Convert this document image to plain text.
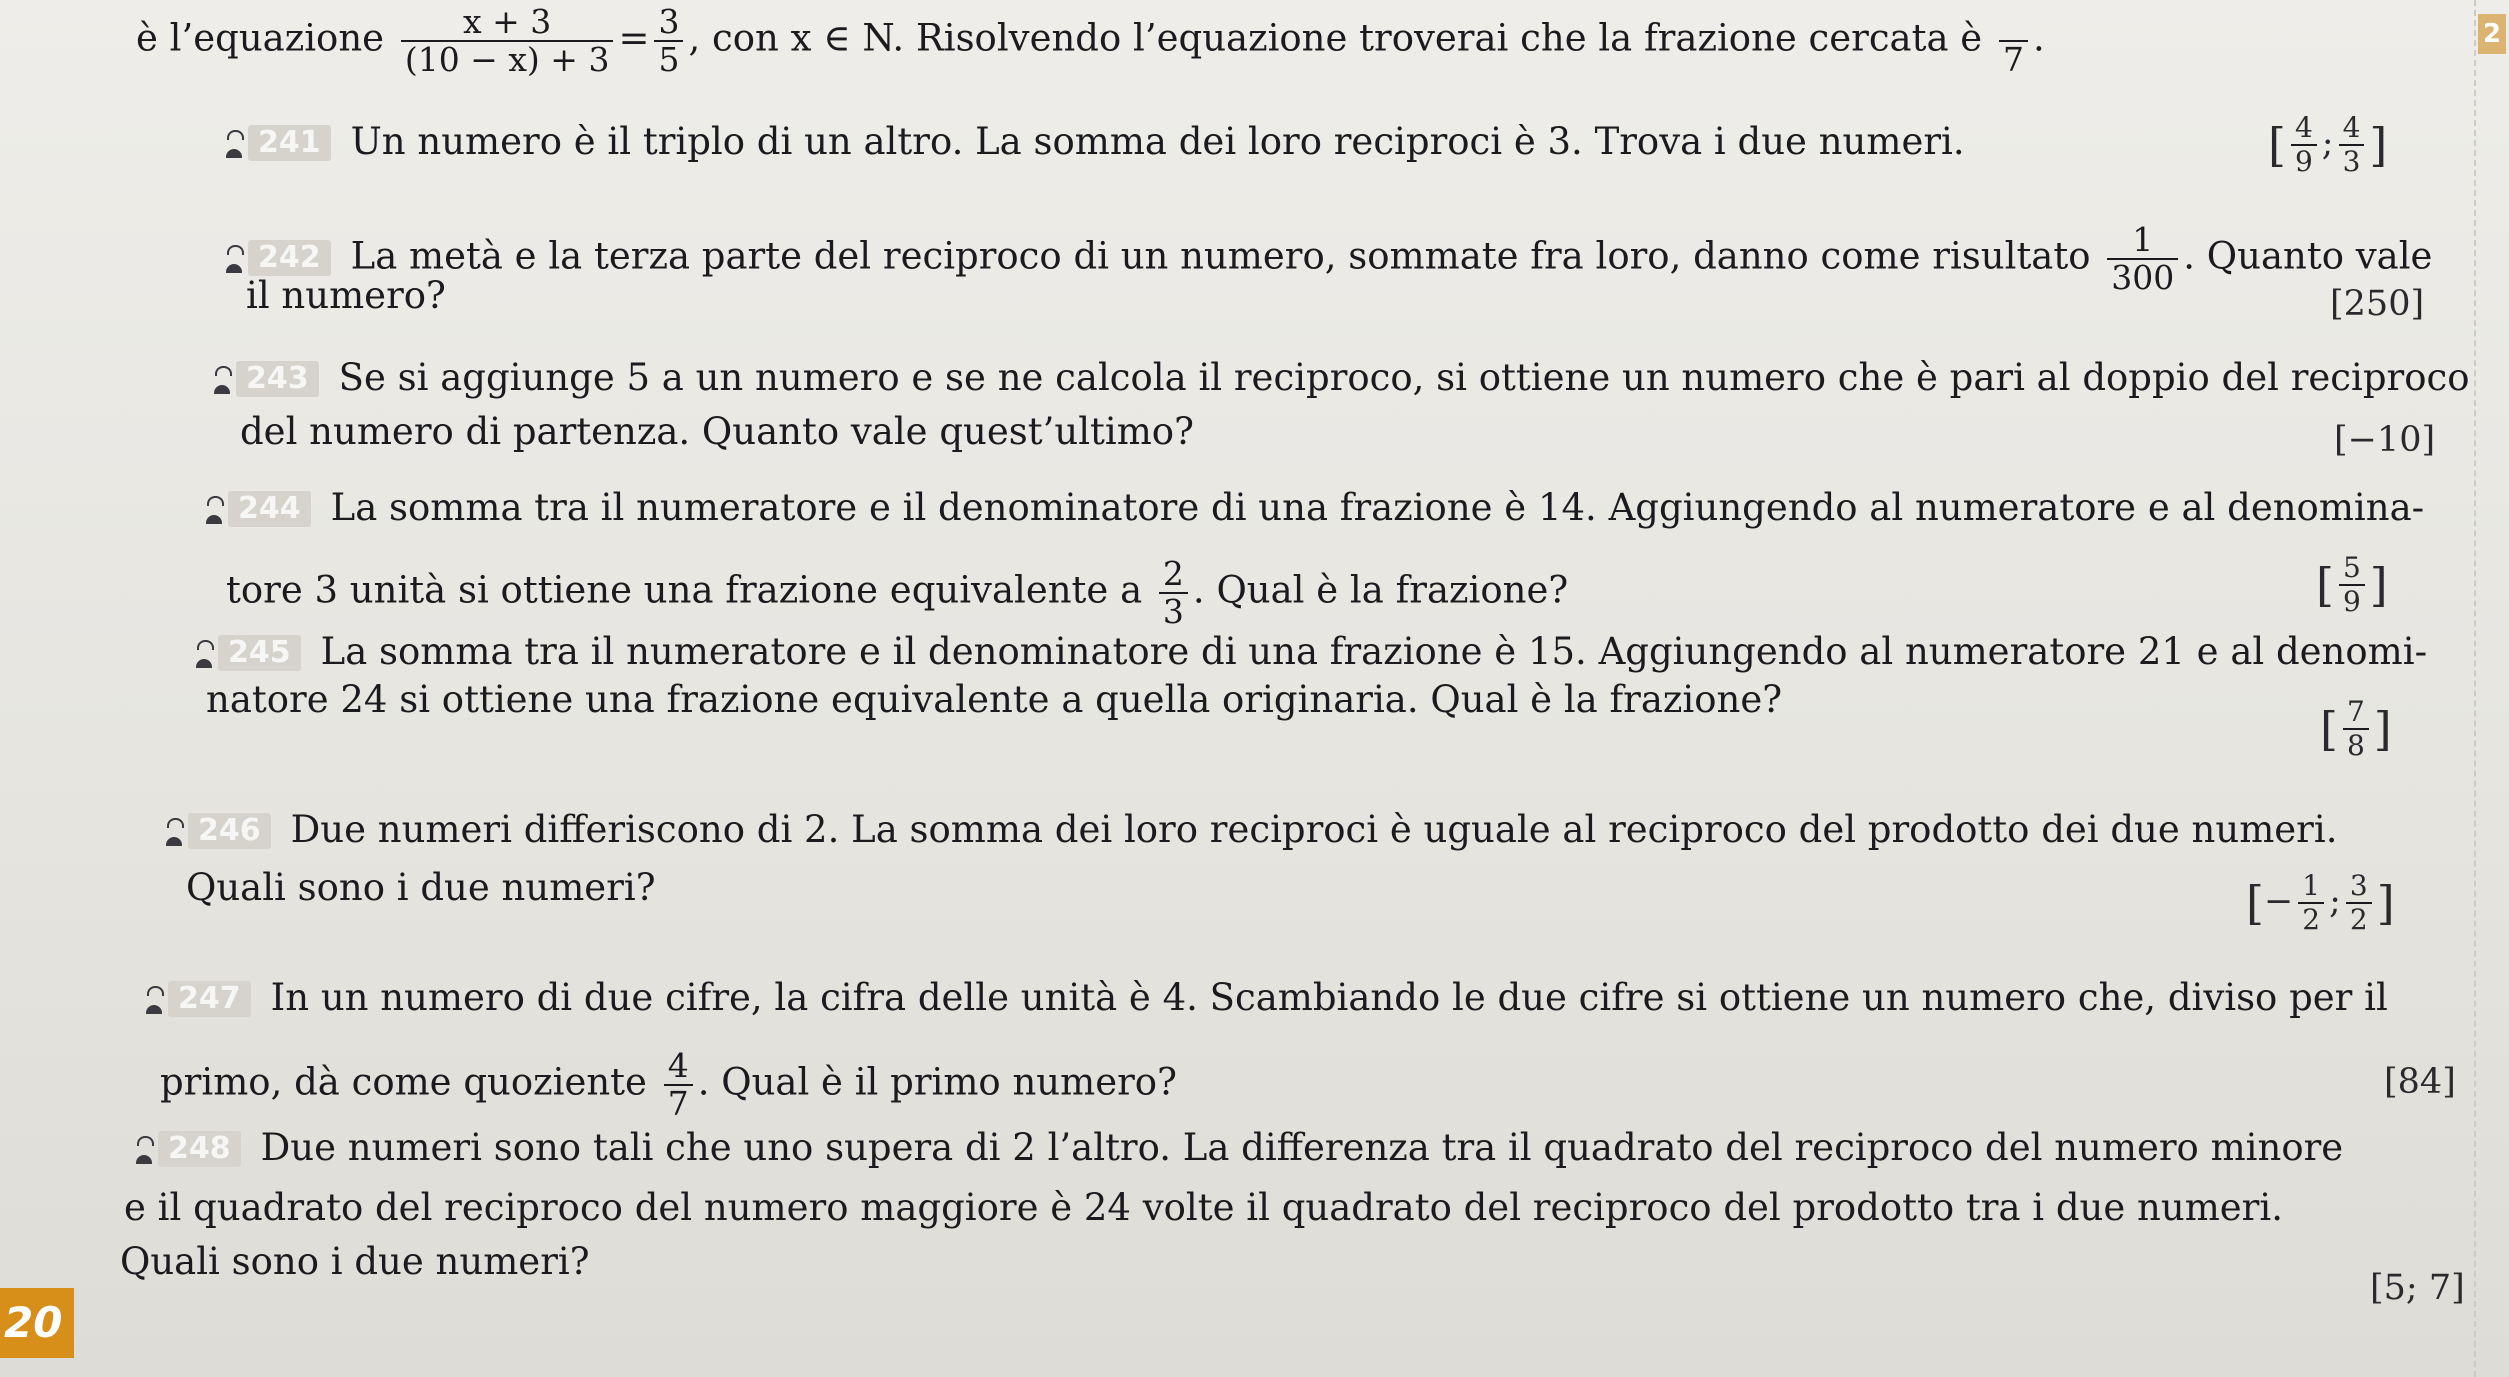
è l’equazione $\frac{x + 3}{(10 - x) + 3} = \frac{3}{5}$ , con x ∈ N. Risolvendo l’equazione troverai che la frazione cercata è 7 .
241 Un numero è il triplo di un altro. La somma dei loro reciproci è 3. Trova i due numeri.	[ $\frac{4}{9}$ ; $\frac{4}{3}$ ]
242 La metà e la terza parte del reciproco di un numero, sommate fra loro, danno come risultato $\frac{1}{300}$ . Quanto vale
il numero?	[250]
243 Se si aggiunge 5 a un numero e se ne calcola il reciproco, si ottiene un numero che è pari al doppio del reciproco
del numero di partenza. Quanto vale quest’ultimo?	[−10]
244 La somma tra il numeratore e il denominatore di una frazione è 14. Aggiungendo al numeratore e al denomina-
tore 3 unità si ottiene una frazione equivalente a $\frac{2}{3}$ . Qual è la frazione?	[ $\frac{5}{9}$ ]
245 La somma tra il numeratore e il denominatore di una frazione è 15. Aggiungendo al numeratore 21 e al denomi-
natore 24 si ottiene una frazione equivalente a quella originaria. Qual è la frazione?
[ $\frac{7}{8}$ ]
246 Due numeri differiscono di 2. La somma dei loro reciproci è uguale al reciproco del prodotto dei due numeri.
Quali sono i due numeri?	[− $\frac{1}{2}$ ; $\frac{3}{2}$ ]
247 In un numero di due cifre, la cifra delle unità è 4. Scambiando le due cifre si ottiene un numero che, diviso per il
primo, dà come quoziente $\frac{4}{7}$ . Qual è il primo numero?	[84]
248 Due numeri sono tali che uno supera di 2 l’altro. La differenza tra il quadrato del reciproco del numero minore
e il quadrato del reciproco del numero maggiore è 24 volte il quadrato del reciproco del prodotto tra i due numeri.
Quali sono i due numeri?
[5; 7]
20
2
